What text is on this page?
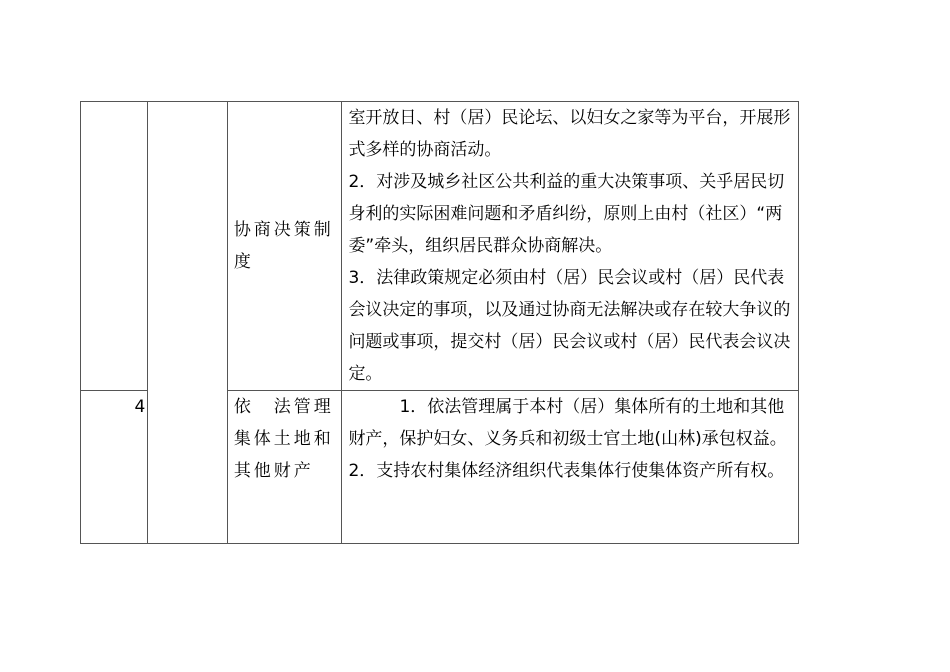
		协商决策制度	室开放日、村（居）民论坛、以妇女之家等为平台，开展形式多样的协商活动。
2．对涉及城乡社区公共利益的重大决策事项、关乎居民切身利的实际困难问题和矛盾纠纷，原则上由村（社区）“两委”牵头，组织居民群众协商解决。
3．法律政策规定必须由村（居）民会议或村（居）民代表会议决定的事项，以及通过协商无法解决或存在较大争议的问题或事项，提交村（居）民会议或村（居）民代表会议决定。

4		依　法管理集体土地和其他财产	1．依法管理属于本村（居）集体所有的土地和其他财产，保护妇女、义务兵和初级士官土地(山林)承包权益。
2．支持农村集体经济组织代表集体行使集体资产所有权。
